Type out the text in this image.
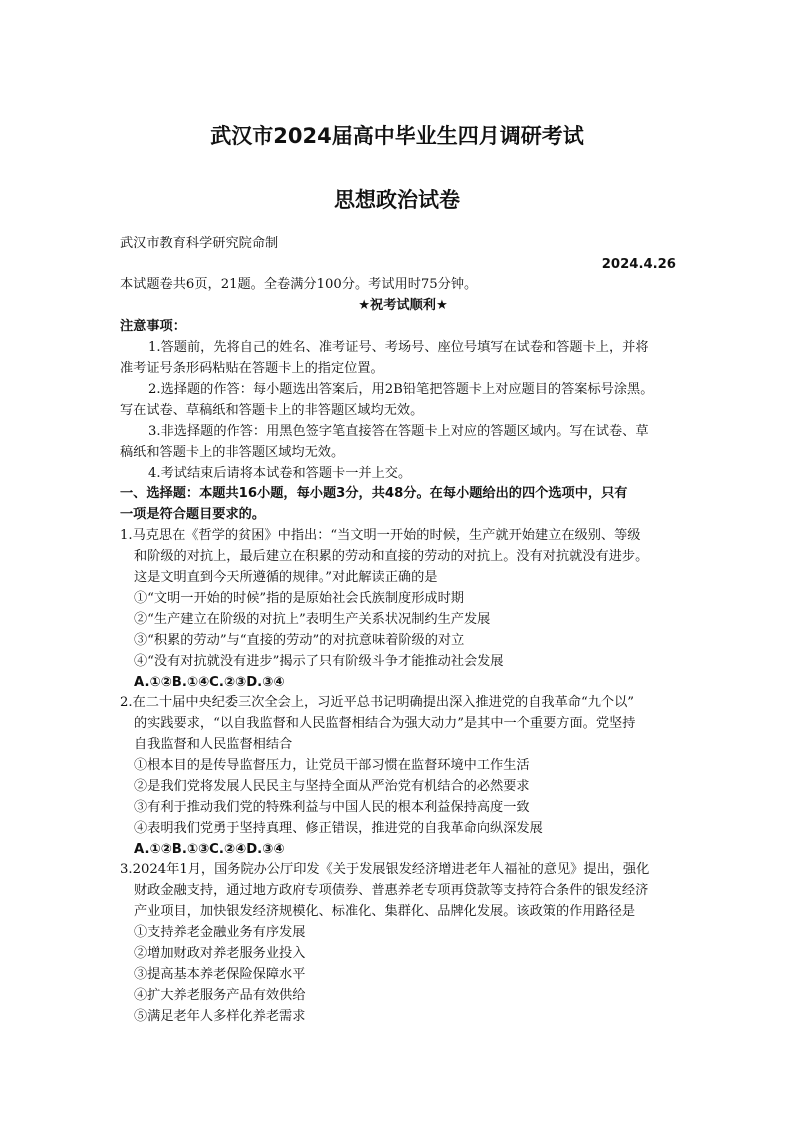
武汉市2024届高中毕业生四月调研考试
思想政治试卷
武汉市教育科学研究院命制
2024.4.26
本试题卷共6页，21题。全卷满分100分。考试用时75分钟。
★祝考试顺利★
注意事项：
1.答题前，先将自己的姓名、准考证号、考场号、座位号填写在试卷和答题卡上，并将
准考证号条形码粘贴在答题卡上的指定位置。
2.选择题的作答：每小题选出答案后，用2B铅笔把答题卡上对应题目的答案标号涂黑。
写在试卷、草稿纸和答题卡上的非答题区域均无效。
3.非选择题的作答：用黑色签字笔直接答在答题卡上对应的答题区域内。写在试卷、草
稿纸和答题卡上的非答题区域均无效。
4.考试结束后请将本试卷和答题卡一并上交。
一、选择题：本题共16小题，每小题3分，共48分。在每小题给出的四个选项中，只有
一项是符合题目要求的。
1.马克思在《哲学的贫困》中指出：“当文明一开始的时候，生产就开始建立在级别、等级
和阶级的对抗上，最后建立在积累的劳动和直接的劳动的对抗上。没有对抗就没有进步。
这是文明直到今天所遵循的规律。”对此解读正确的是
①“文明一开始的时候”指的是原始社会氏族制度形成时期
②“生产建立在阶级的对抗上”表明生产关系状况制约生产发展
③“积累的劳动”与“直接的劳动”的对抗意味着阶级的对立
④“没有对抗就没有进步”揭示了只有阶级斗争才能推动社会发展
A.①②B.①④C.②③D.③④
2.在二十届中央纪委三次全会上，习近平总书记明确提出深入推进党的自我革命“九个以”
的实践要求，“以自我监督和人民监督相结合为强大动力”是其中一个重要方面。党坚持
自我监督和人民监督相结合
①根本目的是传导监督压力，让党员干部习惯在监督环境中工作生活
②是我们党将发展人民民主与坚持全面从严治党有机结合的必然要求
③有利于推动我们党的特殊利益与中国人民的根本利益保持高度一致
④表明我们党勇于坚持真理、修正错误，推进党的自我革命向纵深发展
A.①②B.①③C.②④D.③④
3.2024年1月，国务院办公厅印发《关于发展银发经济增进老年人福祉的意见》提出，强化
财政金融支持，通过地方政府专项债券、普惠养老专项再贷款等支持符合条件的银发经济
产业项目，加快银发经济规模化、标准化、集群化、品牌化发展。该政策的作用路径是
①支持养老金融业务有序发展
②增加财政对养老服务业投入
③提高基本养老保险保障水平
④扩大养老服务产品有效供给
⑤满足老年人多样化养老需求
